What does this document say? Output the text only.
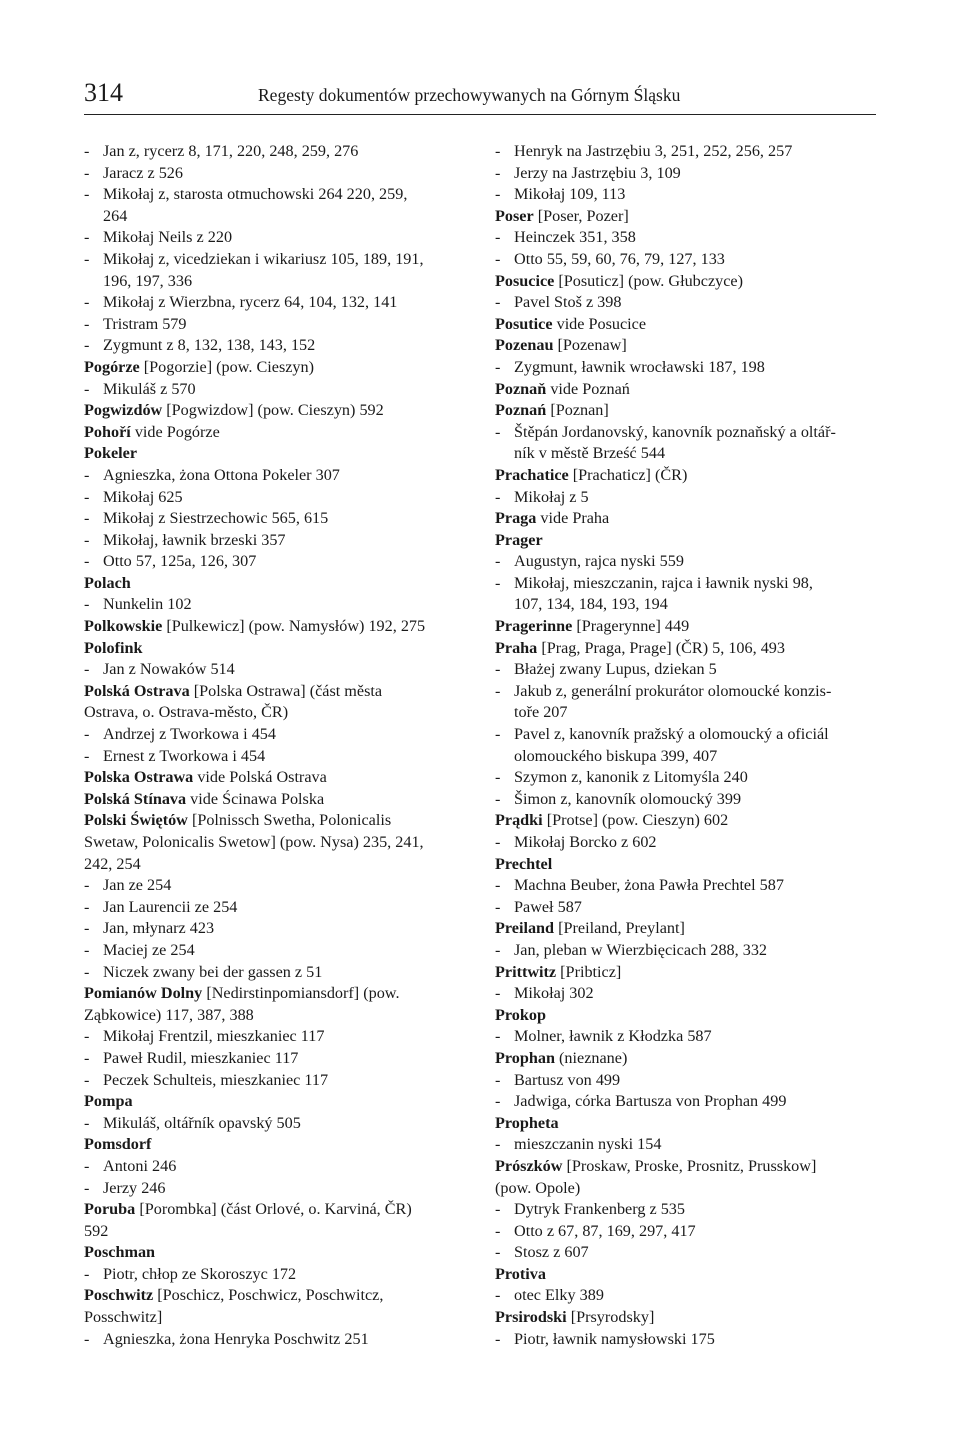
314	Regesty dokumentów przechowywanych na Górnym Śląsku

- Jan z, rycerz 8, 171, 220, 248, 259, 276

- Jaracz z 526

- Mikołaj z, starosta otmuchowski 264 220, 259,

264

- Mikołaj Neils z 220

- Mikołaj z, vicedziekan i wikariusz 105, 189, 191,

196, 197, 336

- Mikołaj z Wierzbna, rycerz 64, 104, 132, 141

- Tristram 579

- Zygmunt z 8, 132, 138, 143, 152

Pogórze [Pogorzie] (pow. Cieszyn)

- Mikuláš z 570

Pogwizdów [Pogwizdow] (pow. Cieszyn) 592

Pohoří vide Pogórze

Pokeler

- Agnieszka, żona Ottona Pokeler 307

- Mikołaj 625

- Mikołaj z Siestrzechowic 565, 615

- Mikołaj, ławnik brzeski 357

- Otto 57, 125a, 126, 307

Polach

- Nunkelin 102

Polkowskie [Pulkewicz] (pow. Namysłów) 192, 275

Polofink

- Jan z Nowaków 514

Polská Ostrava [Polska Ostrawa] (část města

Ostrava, o. Ostrava-město, ČR)

- Andrzej z Tworkowa i 454

- Ernest z Tworkowa i 454

Polska Ostrawa vide Polská Ostrava

Polská Stínava vide Ścinawa Polska

Polski Świętów [Polnissch Swetha, Polonicalis

Swetaw, Polonicalis Swetow] (pow. Nysa) 235, 241,

242, 254

- Jan ze 254

- Jan Laurencii ze 254

- Jan, młynarz 423

- Maciej ze 254

- Niczek zwany bei der gassen z 51

Pomianów Dolny [Nedirstinpomiansdorf] (pow.

Ząbkowice) 117, 387, 388

- Mikołaj Frentzil, mieszkaniec 117

- Paweł Rudil, mieszkaniec 117

- Peczek Schulteis, mieszkaniec 117

Pompa

- Mikuláš, oltářník opavský 505

Pomsdorf

- Antoni 246

- Jerzy 246

Poruba [Porombka] (část Orlové, o. Karviná, ČR)

592

Poschman

- Piotr, chłop ze Skoroszyc 172

Poschwitz [Poschicz, Poschwicz, Poschwitcz,

Posschwitz]

- Agnieszka, żona Henryka Poschwitz 251

- Henryk na Jastrzębiu 3, 251, 252, 256, 257

- Jerzy na Jastrzębiu 3, 109

- Mikołaj 109, 113

Poser [Poser, Pozer]

- Heinczek 351, 358

- Otto 55, 59, 60, 76, 79, 127, 133

Posucice [Posuticz] (pow. Głubczyce)

- Pavel Stoš z 398

Posutice vide Posucice

Pozenau [Pozenaw]

- Zygmunt, ławnik wrocławski 187, 198

Poznaň vide Poznań

Poznań [Poznan]

- Štěpán Jordanovský, kanovník poznaňský a oltář-

ník v městě Brześć 544

Prachatice [Prachaticz] (ČR)

- Mikołaj z 5

Praga vide Praha

Prager

- Augustyn, rajca nyski 559

- Mikołaj, mieszczanin, rajca i ławnik nyski 98,

107, 134, 184, 193, 194

Pragerinne [Pragerynne] 449

Praha [Prag, Praga, Prage] (ČR) 5, 106, 493

- Błażej zwany Lupus, dziekan 5

- Jakub z, generální prokurátor olomoucké konzis-

toře 207

- Pavel z, kanovník pražský a olomoucký a oficiál

olomouckého biskupa 399, 407

- Szymon z, kanonik z Litomyśla 240

- Šimon z, kanovník olomoucký 399

Prądki [Protse] (pow. Cieszyn) 602

- Mikołaj Borcko z 602

Prechtel

- Machna Beuber, żona Pawła Prechtel 587

- Paweł 587

Preiland [Preiland, Preylant]

- Jan, pleban w Wierzbięcicach 288, 332

Prittwitz [Pribticz]

- Mikołaj 302

Prokop

- Molner, ławnik z Kłodzka 587

Prophan (nieznane)

- Bartusz von 499

- Jadwiga, córka Bartusza von Prophan 499

Propheta

- mieszczanin nyski 154

Prószków [Proskaw, Proske, Prosnitz, Prusskow]

(pow. Opole)

- Dytryk Frankenberg z 535

- Otto z 67, 87, 169, 297, 417

- Stosz z 607

Protiva

- otec Elky 389

Prsirodski [Prsyrodsky]

- Piotr, ławnik namysłowski 175
